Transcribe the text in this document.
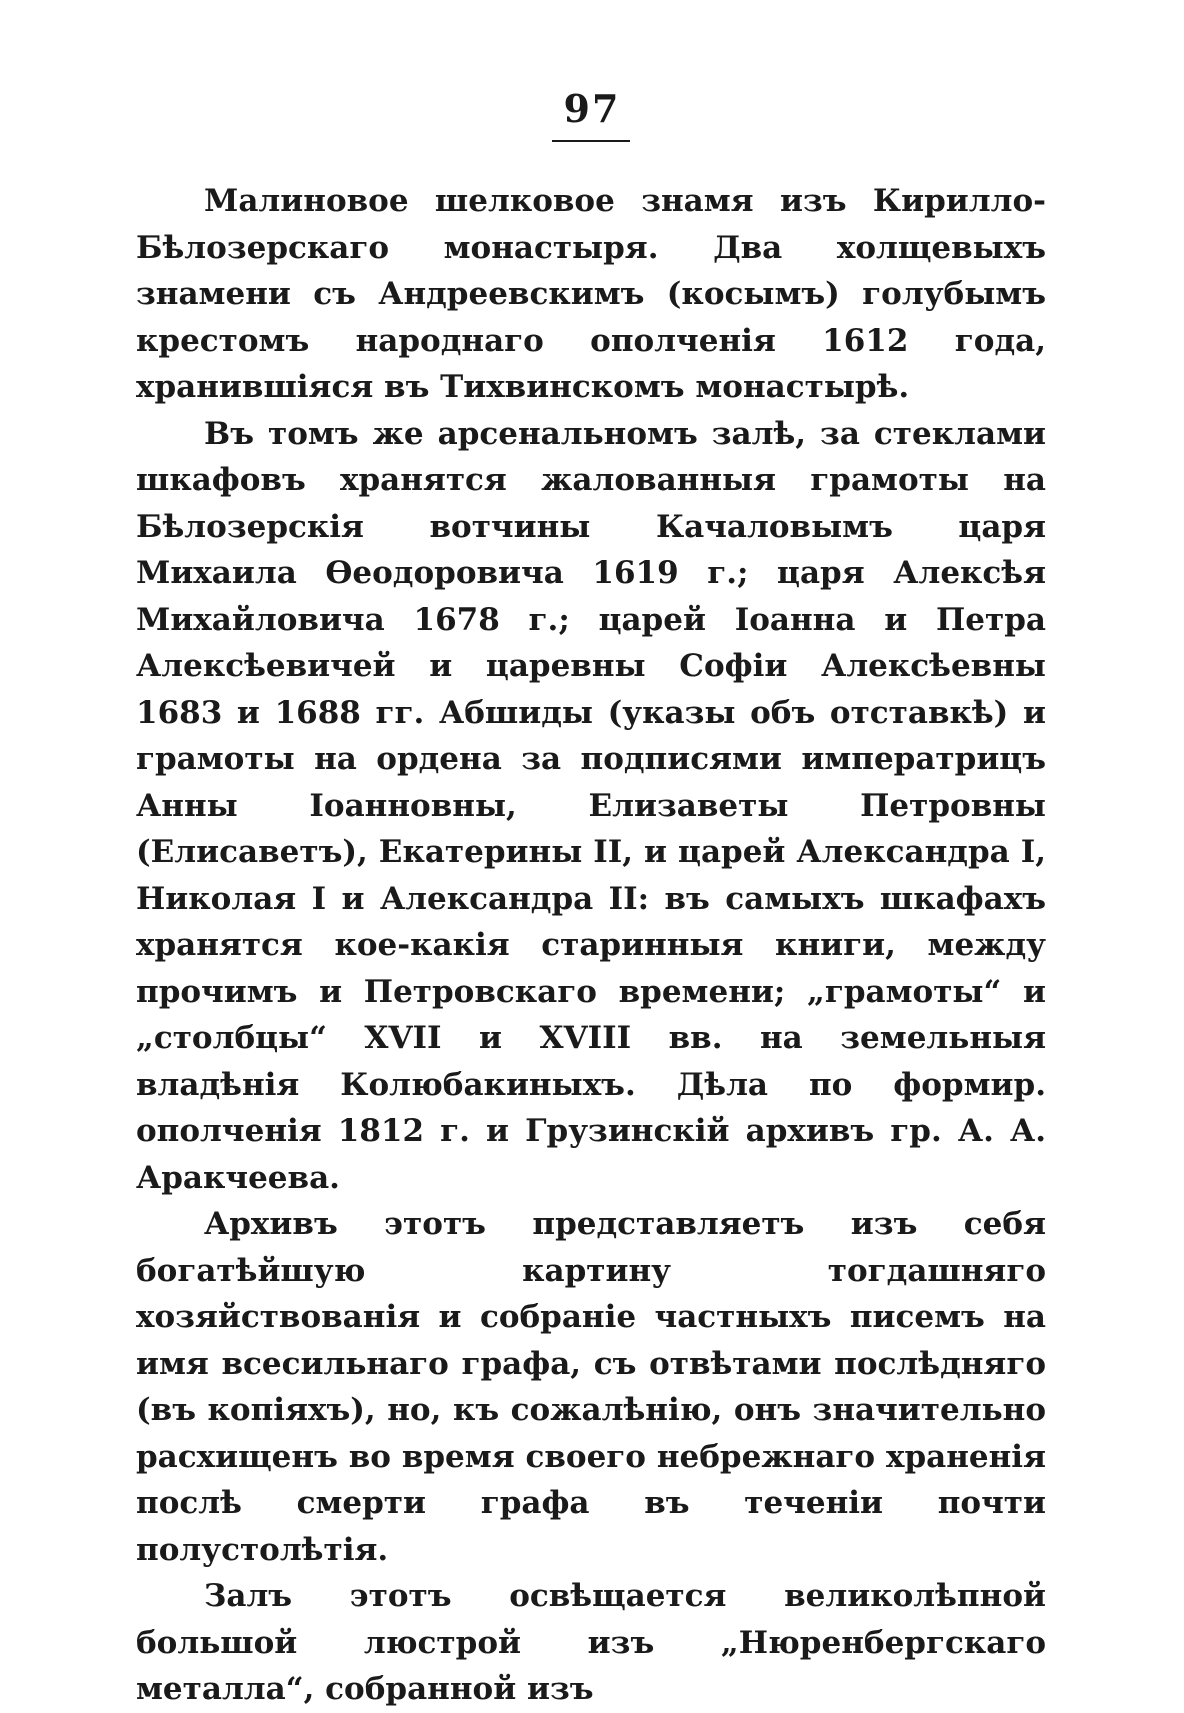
97

Малиновое шелковое знамя изъ Кирилло-Бѣлозерскаго монастыря. Два холщевыхъ знамени съ Андреевскимъ (косымъ) голубымъ крестомъ народнаго ополченія 1612 года, хранившіяся въ Тихвинскомъ монастырѣ.

Въ томъ же арсенальномъ залѣ, за стеклами шкафовъ хранятся жалованныя грамоты на Бѣлозерскія вотчины Качаловымъ царя Михаила Ѳеодоровича 1619 г.; царя Алексѣя Михайловича 1678 г.; царей Іоанна и Петра Алексѣевичей и царевны Софіи Алексѣевны 1683 и 1688 гг. Абшиды (указы объ отставкѣ) и грамоты на ордена за подписями императрицъ Анны Іоанновны, Елизаветы Петровны (Елисаветъ), Екатерины II, и царей Александра I, Николая I и Александра II: въ самыхъ шкафахъ хранятся кое-какія старинныя книги, между прочимъ и Петровскаго времени; „грамоты“ и „столбцы“ XVII и XVIII вв. на земельныя владѣнія Колюбакиныхъ. Дѣла по формир. ополченія 1812 г. и Грузинскій архивъ гр. А. А. Аракчеева.

Архивъ этотъ представляетъ изъ себя богатѣйшую картину тогдашняго хозяйствованія и собраніе частныхъ писемъ на имя всесильнаго графа, съ отвѣтами послѣдняго (въ копіяхъ), но, къ сожалѣнію, онъ значительно расхищенъ во время своего небрежнаго храненія послѣ смерти графа въ теченіи почти полустолѣтія.

Залъ этотъ освѣщается великолѣпной большой люстрой изъ „Нюренбергскаго металла“, собранной изъ
